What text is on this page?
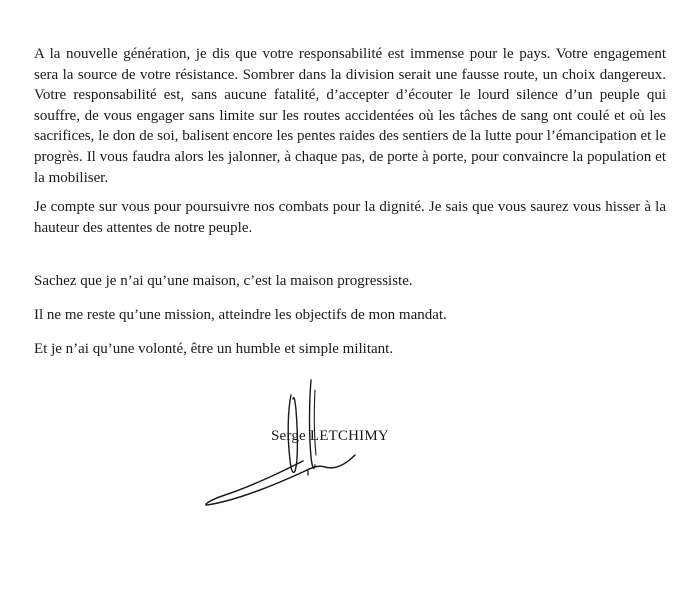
A la nouvelle génération, je dis que votre responsabilité est immense pour le pays. Votre engagement sera la source de votre résistance. Sombrer dans la division serait une fausse route, un choix dangereux. Votre responsabilité est, sans aucune fatalité, d’accepter d’écouter le lourd silence d’un peuple qui souffre, de vous engager sans limite sur les routes accidentées où les tâches de sang ont coulé et où les sacrifices, le don de soi, balisent encore les pentes raides des sentiers de la lutte pour l’émancipation et le progrès. Il vous faudra alors les jalonner, à chaque pas, de porte à porte, pour convaincre la population et la mobiliser.

Je compte sur vous pour poursuivre nos combats pour la dignité. Je sais que vous saurez vous hisser à la hauteur des attentes de notre peuple.

Sachez que je n’ai qu’une maison, c’est la maison progressiste.

Il ne me reste qu’une mission, atteindre les objectifs de mon mandat.

Et je n’ai qu’une volonté, être un humble et simple militant.

Serge LETCHIMY
